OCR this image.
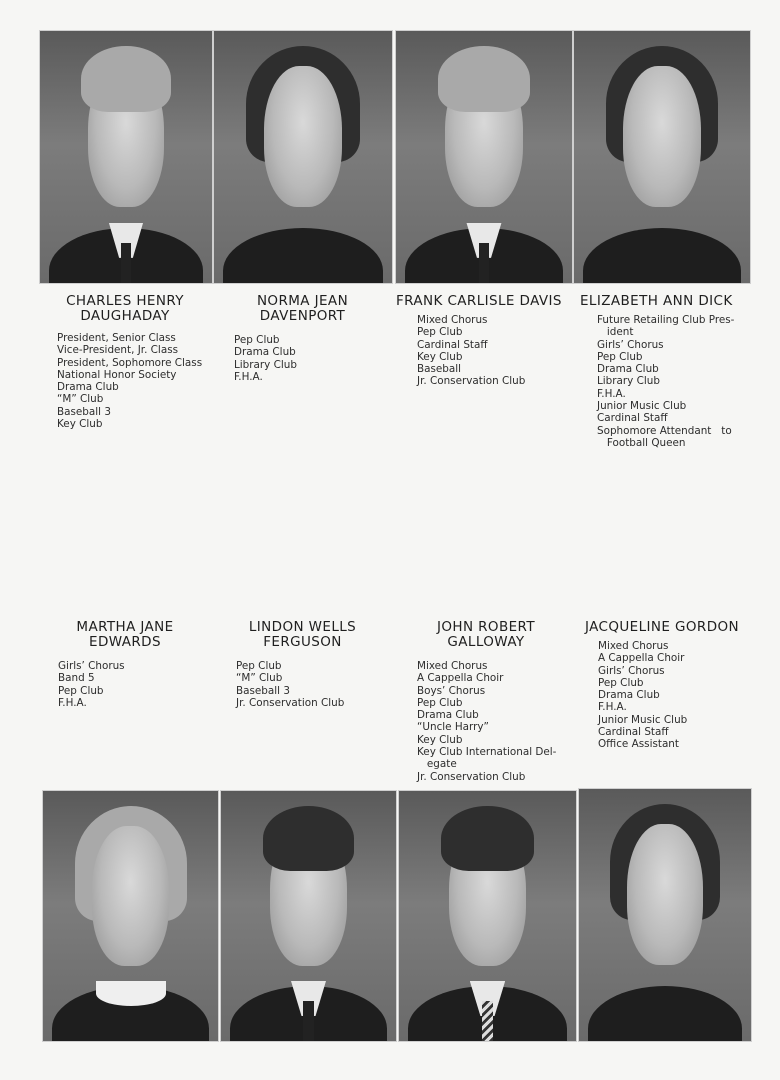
CHARLES HENRY
DAUGHADAY
President, Senior Class
Vice-President, Jr. Class
President, Sophomore Class
National Honor Society
Drama Club
“M” Club
Baseball 3
Key Club
NORMA JEAN
DAVENPORT
Pep Club
Drama Club
Library Club
F.H.A.
FRANK CARLISLE DAVIS
Mixed Chorus
Pep Club
Cardinal Staff
Key Club
Baseball
Jr. Conservation Club
ELIZABETH ANN DICK
Future Retailing Club Pres-
ident
Girls’ Chorus
Pep Club
Drama Club
Library Club
F.H.A.
Junior Music Club
Cardinal Staff
Sophomore Attendant   to
Football Queen
MARTHA JANE
EDWARDS
Girls’ Chorus
Band 5
Pep Club
F.H.A.
LINDON WELLS
FERGUSON
Pep Club
“M” Club
Baseball 3
Jr. Conservation Club
JOHN ROBERT
GALLOWAY
Mixed Chorus
A Cappella Choir
Boys’ Chorus
Pep Club
Drama Club
“Uncle Harry”
Key Club
Key Club International Del-
egate
Jr. Conservation Club
JACQUELINE GORDON
Mixed Chorus
A Cappella Choir
Girls’ Chorus
Pep Club
Drama Club
F.H.A.
Junior Music Club
Cardinal Staff
Office Assistant
